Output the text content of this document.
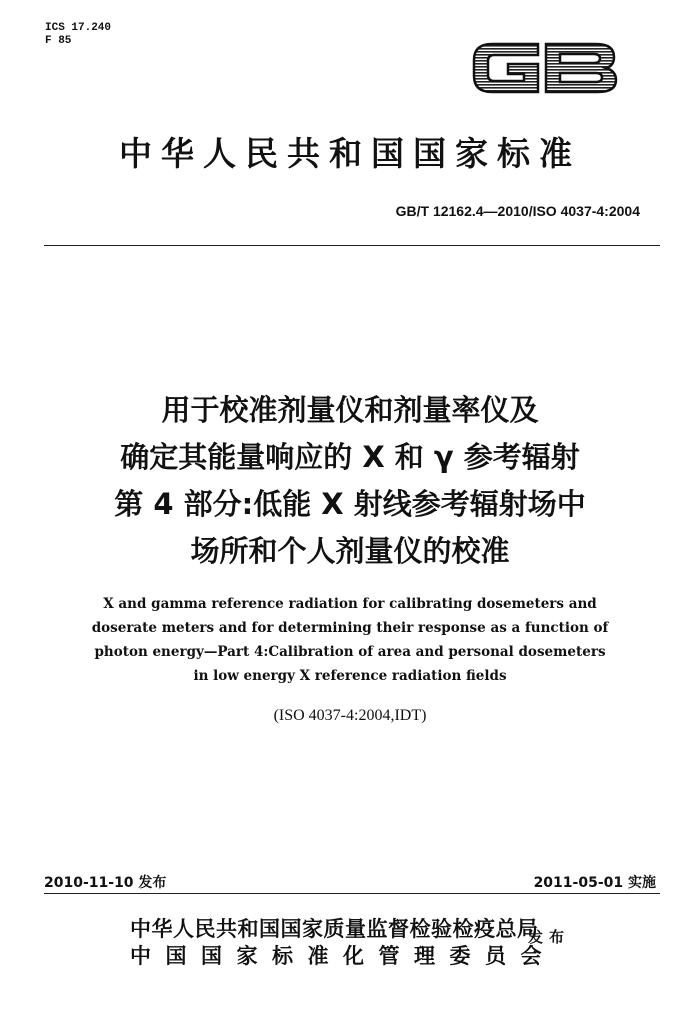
ICS 17.240
F 85
中华人民共和国国家标准
GB/T 12162.4—2010/ISO 4037-4:2004
用于校准剂量仪和剂量率仪及
确定其能量响应的 X 和 γ 参考辐射
第 4 部分:低能 X 射线参考辐射场中
场所和个人剂量仪的校准
X and gamma reference radiation for calibrating dosemeters and
doserate meters and for determining their response as a function of
photon energy—Part 4:Calibration of area and personal dosemeters
in low energy X reference radiation fields
(ISO 4037-4:2004,IDT)
2010-11-10 发布	2011-05-01 实施
中华人民共和国国家质量监督检验检疫总局
中国国家标准化管理委员会
发布
